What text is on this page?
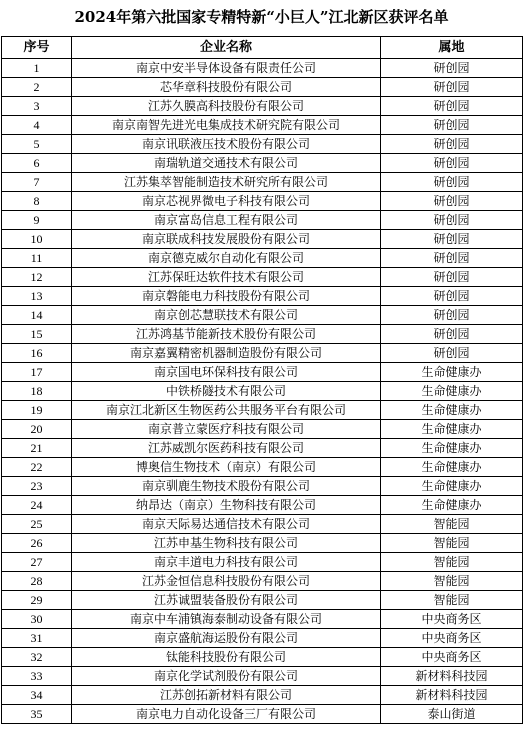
2024年第六批国家专精特新“小巨人”江北新区获评名单
序号	企业名称	属地
1	南京中安半导体设备有限责任公司	研创园
2	芯华章科技股份有限公司	研创园
3	江苏久膜高科技股份有限公司	研创园
4	南京南智先进光电集成技术研究院有限公司	研创园
5	南京讯联液压技术股份有限公司	研创园
6	南瑞轨道交通技术有限公司	研创园
7	江苏集萃智能制造技术研究所有限公司	研创园
8	南京芯视界微电子科技有限公司	研创园
9	南京富岛信息工程有限公司	研创园
10	南京联成科技发展股份有限公司	研创园
11	南京德克威尔自动化有限公司	研创园
12	江苏保旺达软件技术有限公司	研创园
13	南京磐能电力科技股份有限公司	研创园
14	南京创芯慧联技术有限公司	研创园
15	江苏鸿基节能新技术股份有限公司	研创园
16	南京嘉翼精密机器制造股份有限公司	研创园
17	南京国电环保科技有限公司	生命健康办
18	中铁桥隧技术有限公司	生命健康办
19	南京江北新区生物医药公共服务平台有限公司	生命健康办
20	南京普立蒙医疗科技有限公司	生命健康办
21	江苏威凯尔医药科技有限公司	生命健康办
22	博奥信生物技术（南京）有限公司	生命健康办
23	南京驯鹿生物技术股份有限公司	生命健康办
24	纳昂达（南京）生物科技有限公司	生命健康办
25	南京天际易达通信技术有限公司	智能园
26	江苏申基生物科技有限公司	智能园
27	南京丰道电力科技有限公司	智能园
28	江苏金恒信息科技股份有限公司	智能园
29	江苏诚盟装备股份有限公司	智能园
30	南京中车浦镇海泰制动设备有限公司	中央商务区
31	南京盛航海运股份有限公司	中央商务区
32	钛能科技股份有限公司	中央商务区
33	南京化学试剂股份有限公司	新材料科技园
34	江苏创拓新材料有限公司	新材料科技园
35	南京电力自动化设备三厂有限公司	泰山街道
